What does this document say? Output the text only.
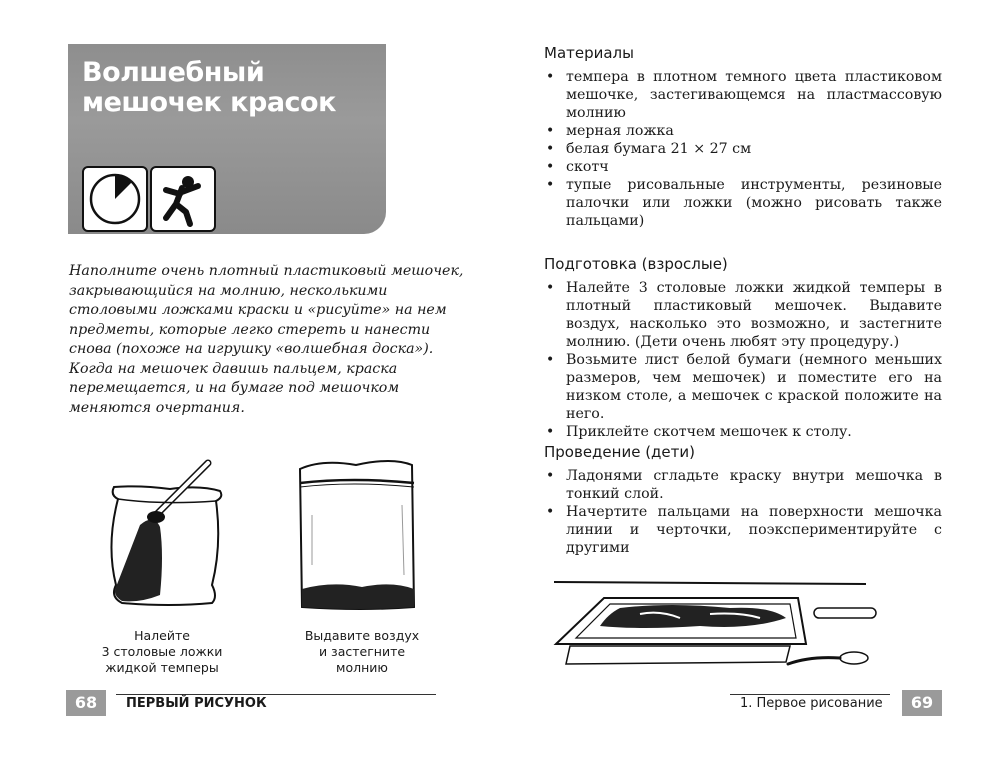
Волшебный
мешочек красок

Наполните очень плотный пластиковый мешочек, закрывающийся на молнию, несколькими столовыми ложками краски и «рисуйте» на нем предметы, которые легко стереть и нанести снова (похоже на игрушку «волшебная доска»). Когда на мешочек давишь пальцем, краска перемещается, и на бумаге под мешочком меняются очертания.

Налейте
3 столовые ложки
жидкой темперы
Выдавите воздух
и застегните
молнию
68	ПЕРВЫЙ РИСУНОК
Материалы
• темпера в плотном темного цвета пластиковом мешочке, застегивающемся на пластмассовую молнию
• мерная ложка
• белая бумага 21 × 27 см
• скотч
• тупые рисовальные инструменты, резиновые палочки или ложки (можно рисовать также пальцами)
Подготовка (взрослые)
• Налейте 3 столовые ложки жидкой темперы в плотный пластиковый мешочек. Выдавите воздух, насколько это возможно, и застегните молнию. (Дети очень любят эту процедуру.)
• Возьмите лист белой бумаги (немного меньших размеров, чем мешочек) и поместите его на низком столе, а мешочек с краской положите на него.
• Приклейте скотчем мешочек к столу.
Проведение (дети)
• Ладонями сгладьте краску внутри мешочка в тонкий слой.
• Начертите пальцами на поверхности мешочка линии и черточки, поэкспериментируйте с другими
1. Первое рисование	69
